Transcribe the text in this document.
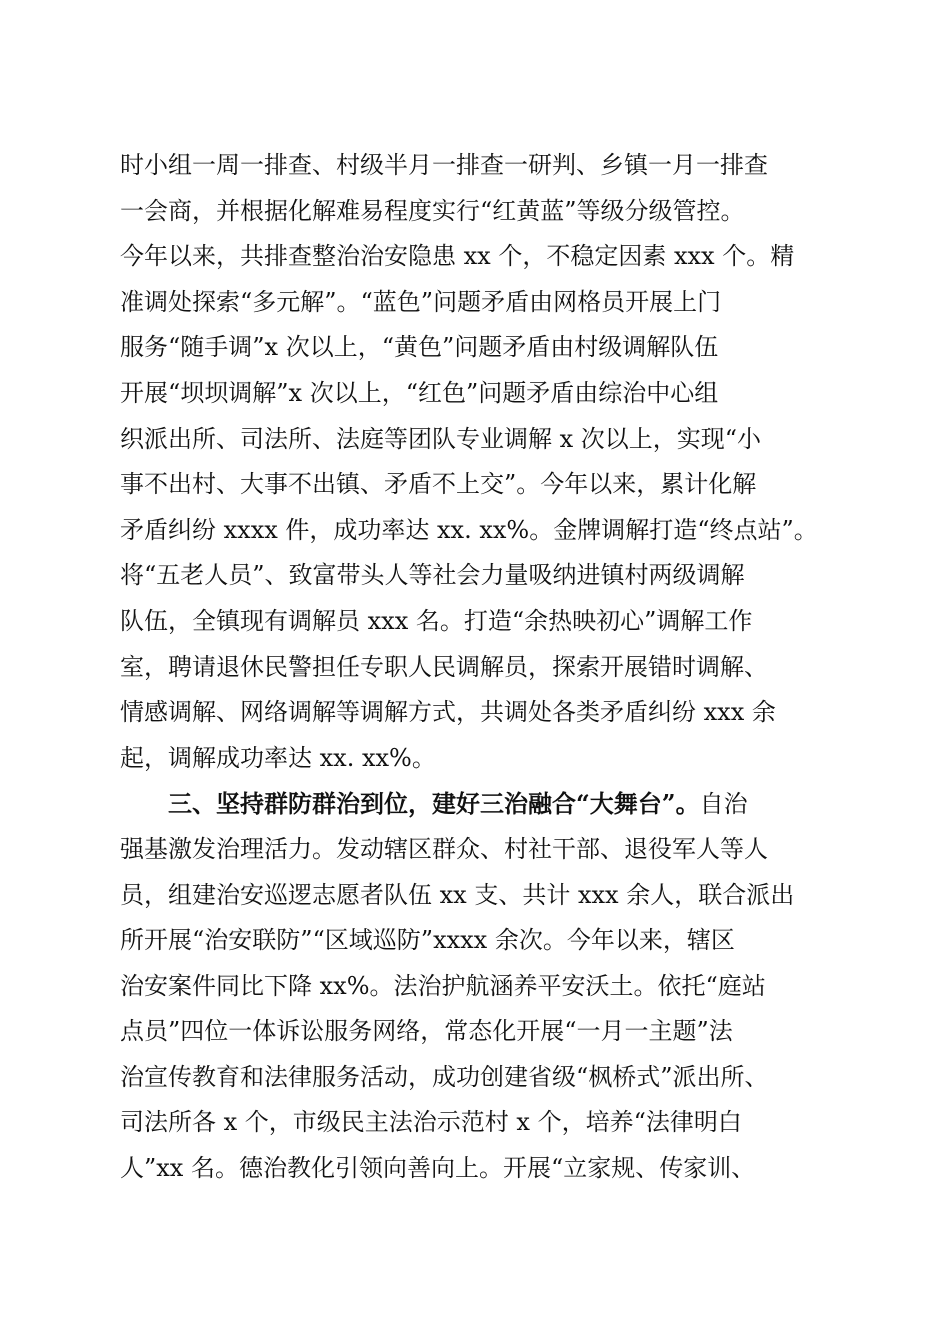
时小组一周一排查、村级半月一排查一研判、乡镇一月一排查
一会商，并根据化解难易程度实行“红黄蓝”等级分级管控。
今年以来，共排查整治治安隐患 xx 个，不稳定因素 xxx 个。精
准调处探索“多元解”。“蓝色”问题矛盾由网格员开展上门
服务“随手调”x 次以上，“黄色”问题矛盾由村级调解队伍
开展“坝坝调解”x 次以上，“红色”问题矛盾由综治中心组
织派出所、司法所、法庭等团队专业调解 x 次以上，实现“小
事不出村、大事不出镇、矛盾不上交”。今年以来，累计化解
矛盾纠纷 xxxx 件，成功率达 xx. xx%。金牌调解打造“终点站”。
将“五老人员”、致富带头人等社会力量吸纳进镇村两级调解
队伍，全镇现有调解员 xxx 名。打造“余热映初心”调解工作
室，聘请退休民警担任专职人民调解员，探索开展错时调解、
情感调解、网络调解等调解方式，共调处各类矛盾纠纷 xxx 余
起，调解成功率达 xx. xx%。
三、坚持群防群治到位，建好三治融合“大舞台”。自治
强基激发治理活力。发动辖区群众、村社干部、退役军人等人
员，组建治安巡逻志愿者队伍 xx 支、共计 xxx 余人，联合派出
所开展“治安联防”“区域巡防”xxxx 余次。今年以来，辖区
治安案件同比下降 xx%。法治护航涵养平安沃土。依托“庭站
点员”四位一体诉讼服务网络，常态化开展“一月一主题”法
治宣传教育和法律服务活动，成功创建省级“枫桥式”派出所、
司法所各 x 个，市级民主法治示范村 x 个，培养“法律明白
人”xx 名。德治教化引领向善向上。开展“立家规、传家训、
